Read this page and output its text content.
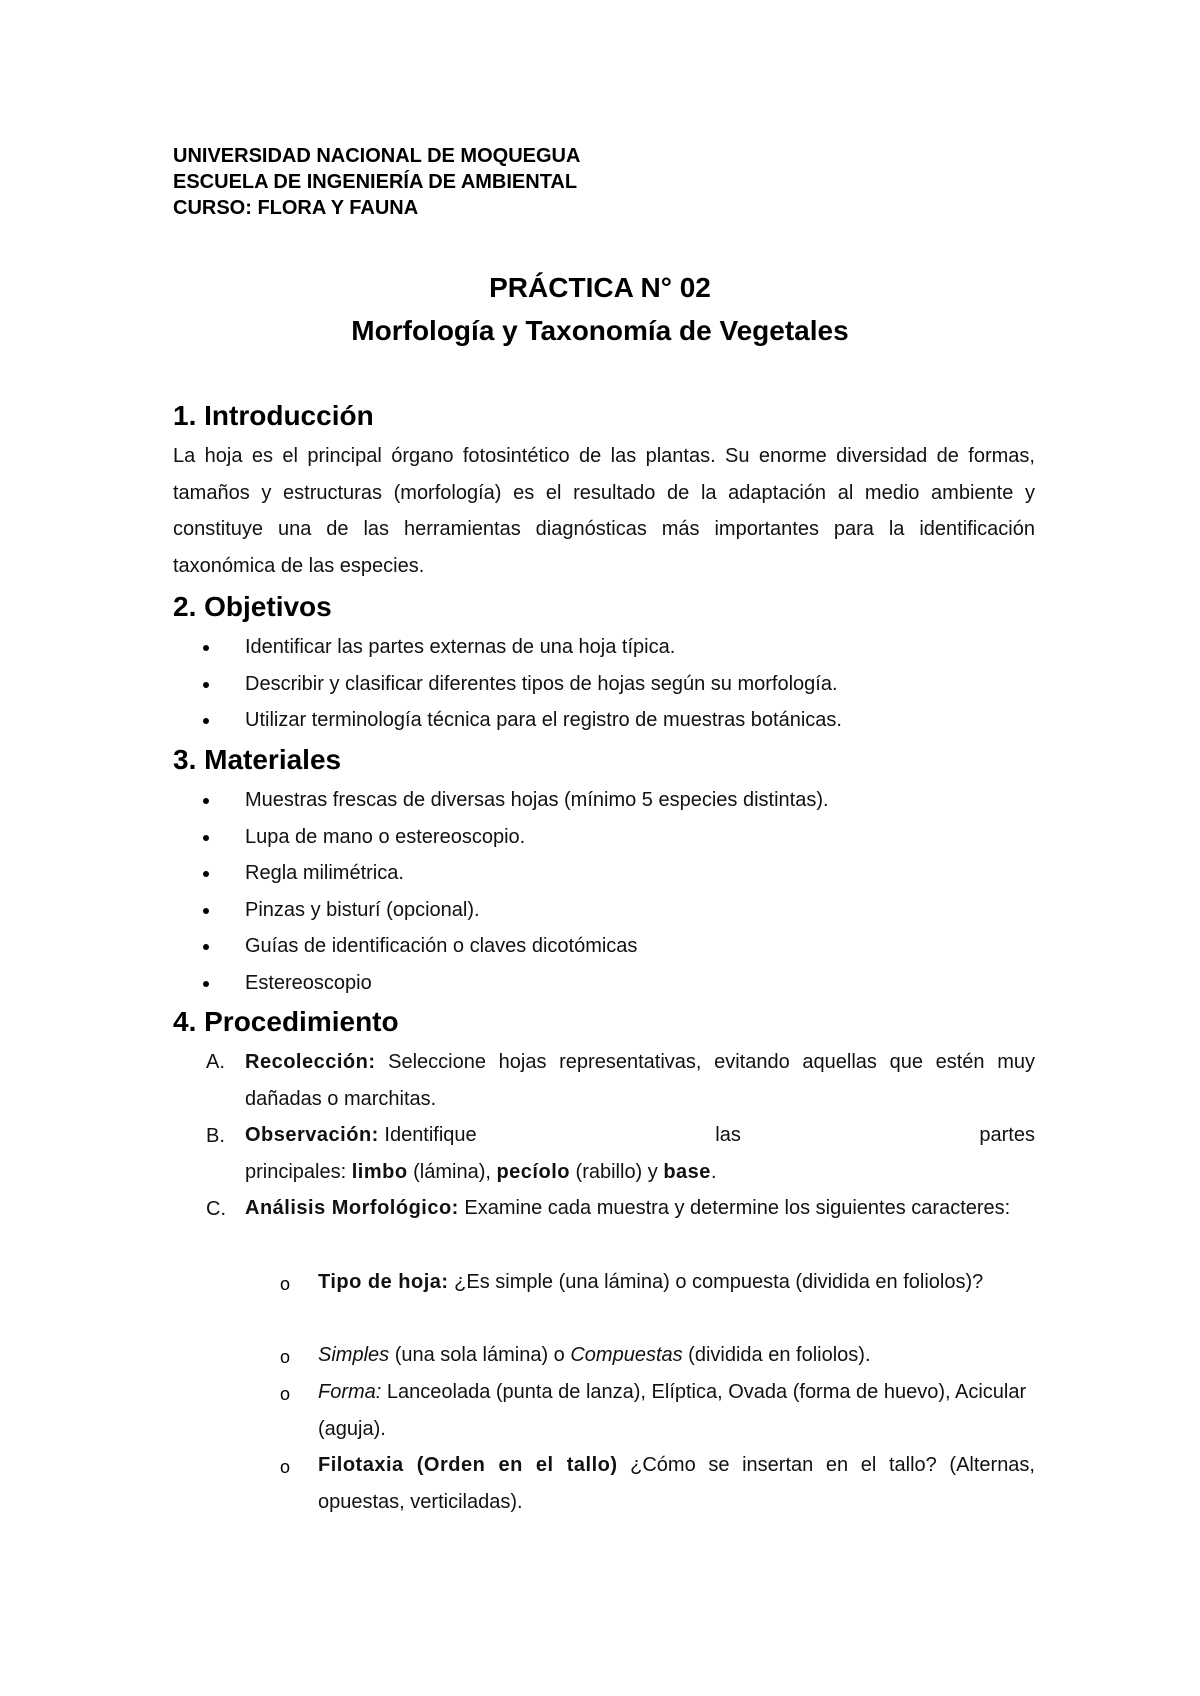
UNIVERSIDAD NACIONAL DE MOQUEGUA
ESCUELA DE INGENIERÍA DE AMBIENTAL
CURSO: FLORA Y FAUNA
PRÁCTICA N° 02
Morfología y Taxonomía de Vegetales
1. Introducción
La hoja es el principal órgano fotosintético de las plantas. Su enorme diversidad de formas, tamaños y estructuras (morfología) es el resultado de la adaptación al medio ambiente y constituye una de las herramientas diagnósticas más importantes para la identificación taxonómica de las especies.
2. Objetivos
Identificar las partes externas de una hoja típica.
Describir y clasificar diferentes tipos de hojas según su morfología.
Utilizar terminología técnica para el registro de muestras botánicas.
3. Materiales
Muestras frescas de diversas hojas (mínimo 5 especies distintas).
Lupa de mano o estereoscopio.
Regla milimétrica.
Pinzas y bisturí (opcional).
Guías de identificación o claves dicotómicas
Estereoscopio
4. Procedimiento
A. Recolección: Seleccione hojas representativas, evitando aquellas que estén muy dañadas o marchitas.
B. Observación: Identifique	las	partes
principales: limbo (lámina), pecíolo (rabillo) y base.
C. Análisis Morfológico: Examine cada muestra y determine los siguientes caracteres:
o Tipo de hoja: ¿Es simple (una lámina) o compuesta (dividida en foliolos)?
o Simples (una sola lámina) o Compuestas (dividida en foliolos).
o Forma: Lanceolada (punta de lanza), Elíptica, Ovada (forma de huevo), Acicular (aguja).
o Filotaxia (Orden en el tallo) ¿Cómo se insertan en el tallo? (Alternas, opuestas, verticiladas).
